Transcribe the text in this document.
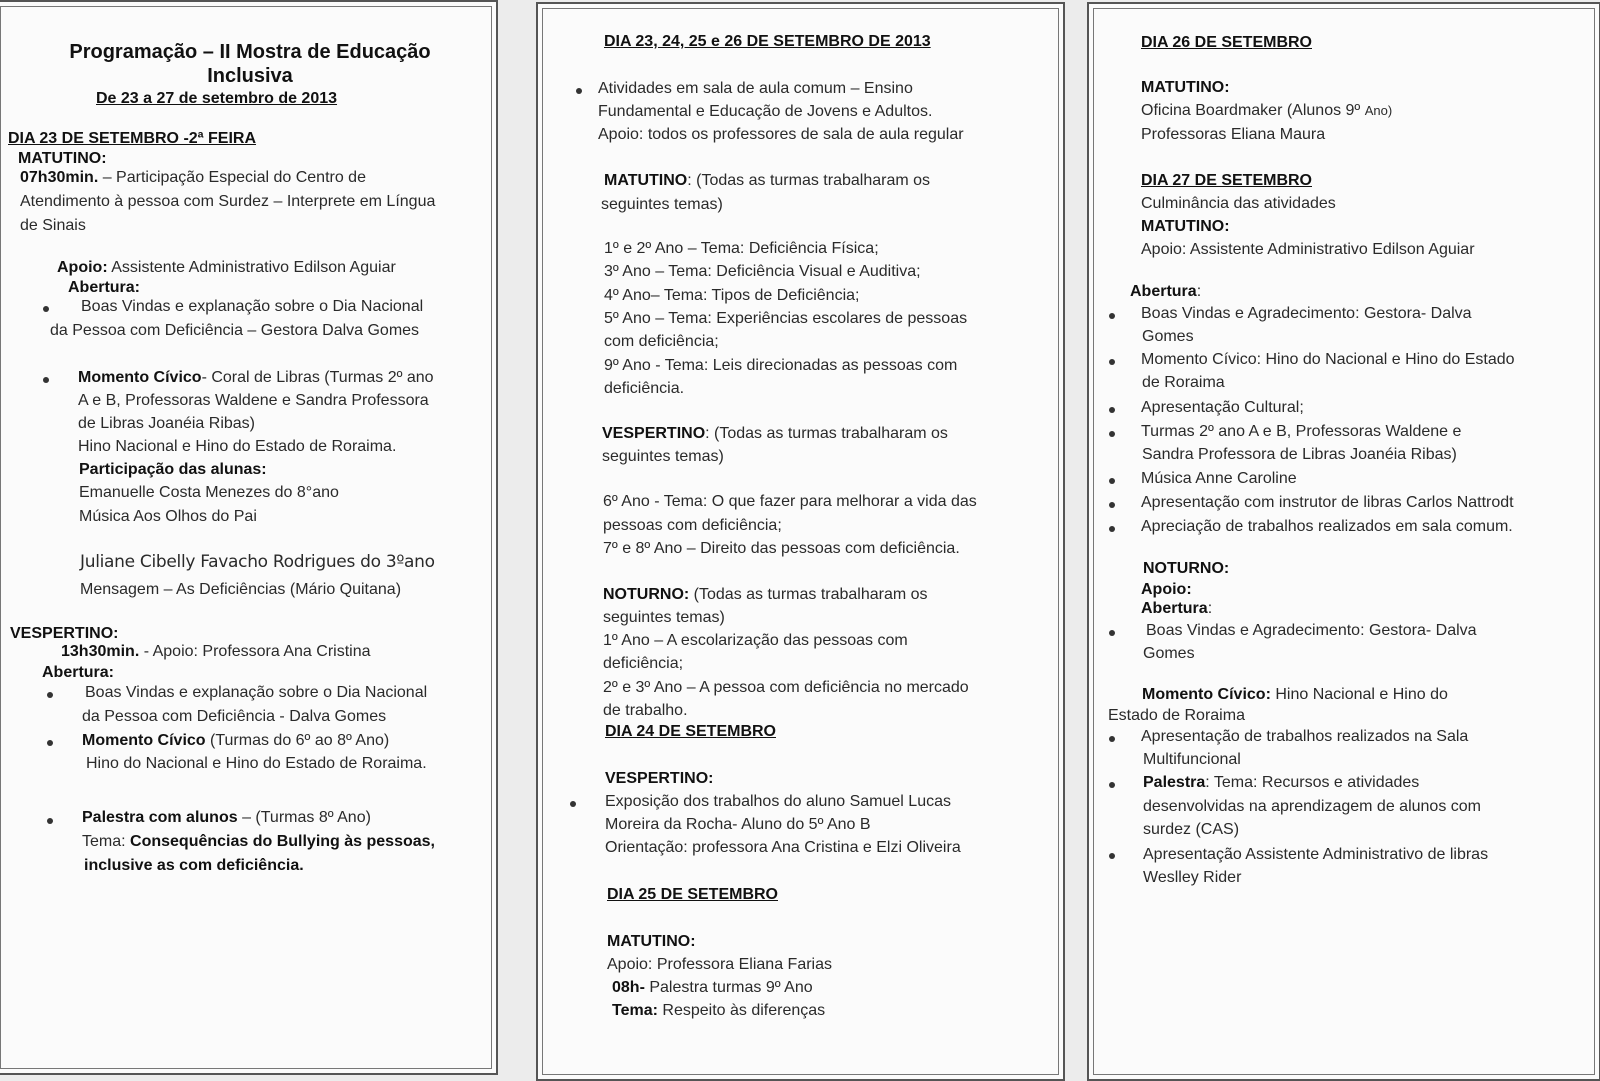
Programação – II Mostra de Educação
Inclusiva
De 23 a 27 de setembro de 2013
DIA 23 DE SETEMBRO -2ª FEIRA
MATUTINO:
07h30min. – Participação Especial do Centro de
Atendimento à pessoa com Surdez – Interprete em Língua
de Sinais
Apoio: Assistente Administrativo Edilson Aguiar
Abertura:
Boas Vindas e explanação sobre o Dia Nacional
da Pessoa com Deficiência – Gestora Dalva Gomes
Momento Cívico- Coral de Libras (Turmas 2º ano
A e B, Professoras Waldene e Sandra Professora
de Libras Joanéia Ribas)
Hino Nacional e Hino do Estado de Roraima.
Participação das alunas:
Emanuelle Costa Menezes do 8°ano
Música Aos Olhos do Pai
Juliane Cibelly Favacho Rodrigues do 3ºano
Mensagem – As Deficiências (Mário Quitana)
VESPERTINO:
13h30min. - Apoio: Professora Ana Cristina
Abertura:
Boas Vindas e explanação sobre o Dia Nacional
da Pessoa com Deficiência - Dalva Gomes
Momento Cívico (Turmas do 6º ao 8º Ano)
Hino do Nacional e Hino do Estado de Roraima.
Palestra com alunos – (Turmas 8º Ano)
Tema: Consequências do Bullying às pessoas,
inclusive as com deficiência.
DIA 23, 24, 25 e 26 DE SETEMBRO DE 2013
Atividades em sala de aula comum – Ensino
Fundamental e Educação de Jovens e Adultos.
Apoio: todos os professores de sala de aula regular
MATUTINO: (Todas as turmas trabalharam os
seguintes temas)
1º e 2º Ano – Tema: Deficiência Física;
3º Ano – Tema: Deficiência Visual e Auditiva;
4º Ano– Tema: Tipos de Deficiência;
5º Ano – Tema: Experiências escolares de pessoas
com deficiência;
9º Ano - Tema: Leis direcionadas as pessoas com
deficiência.
VESPERTINO: (Todas as turmas trabalharam os
seguintes temas)
6º Ano - Tema: O que fazer para melhorar a vida das
pessoas com deficiência;
7º e 8º Ano – Direito das pessoas com deficiência.
NOTURNO: (Todas as turmas trabalharam os
seguintes temas)
1º Ano – A escolarização das pessoas com
deficiência;
2º e 3º Ano – A pessoa com deficiência no mercado
de trabalho.
DIA 24 DE SETEMBRO
VESPERTINO:
Exposição dos trabalhos do aluno Samuel Lucas
Moreira da Rocha- Aluno do 5º Ano B
Orientação: professora Ana Cristina e Elzi Oliveira
DIA 25 DE SETEMBRO
MATUTINO:
Apoio: Professora Eliana Farias
08h- Palestra turmas 9º Ano
Tema: Respeito às diferenças
DIA 26 DE SETEMBRO
MATUTINO:
Oficina Boardmaker (Alunos 9º Ano)
Professoras Eliana Maura
DIA 27 DE SETEMBRO
Culminância das atividades
MATUTINO:
Apoio: Assistente Administrativo Edilson Aguiar
Abertura:
Boas Vindas e Agradecimento: Gestora- Dalva
Gomes
Momento Cívico: Hino do Nacional e Hino do Estado
de Roraima
Apresentação Cultural;
Turmas 2º ano A e B, Professoras Waldene e
Sandra Professora de Libras Joanéia Ribas)
Música Anne Caroline
Apresentação com instrutor de libras Carlos Nattrodt
Apreciação de trabalhos realizados em sala comum.
NOTURNO:
Apoio:
Abertura:
Boas Vindas e Agradecimento: Gestora- Dalva
Gomes
Momento Cívico: Hino Nacional e Hino do
Estado de Roraima
Apresentação de trabalhos realizados na Sala
Multifuncional
Palestra: Tema: Recursos e atividades
desenvolvidas na aprendizagem de alunos com
surdez (CAS)
Apresentação Assistente Administrativo de libras
Weslley Rider
